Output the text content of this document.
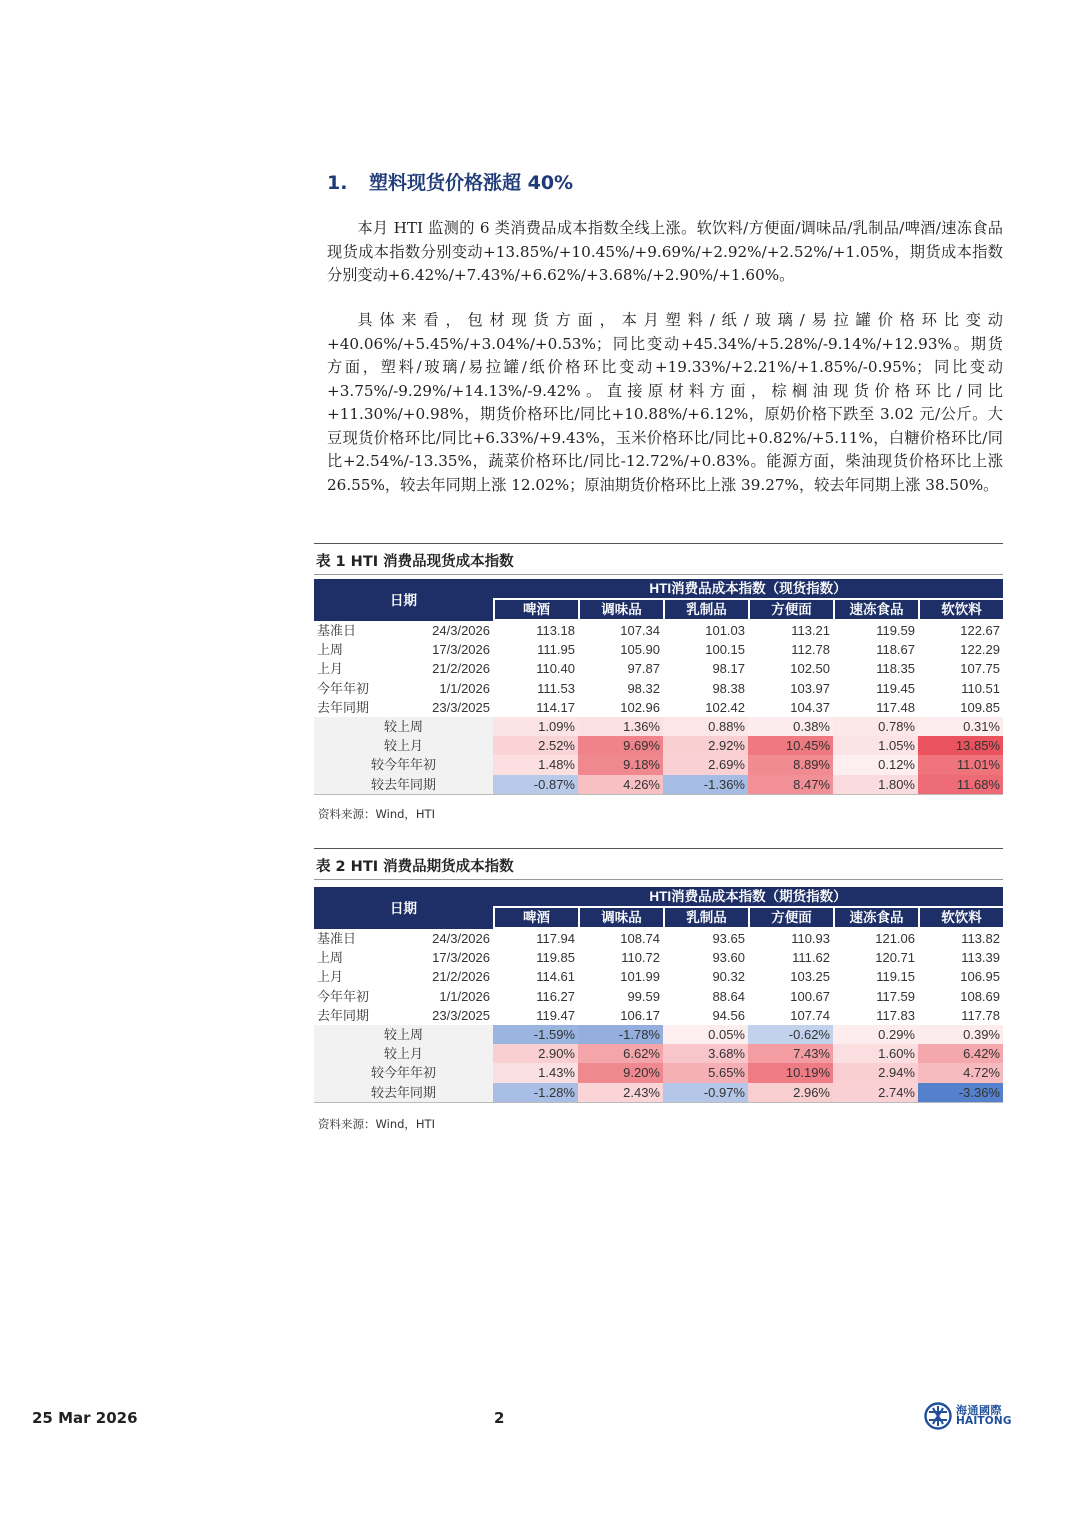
1. 塑料现货价格涨超 40%
本月 HTI 监测的 6 类消费品成本指数全线上涨。软饮料/方便面/调味品/乳制品/啤酒/速冻食品现货成本指数分别变动+13.85%/+10.45%/+9.69%/+2.92%/+2.52%/+1.05%，期货成本指数分别变动+6.42%/+7.43%/+6.62%/+3.68%/+2.90%/+1.60%。
具体来看，包材现货方面，本月塑料/纸/玻璃/易拉罐价格环比变动+40.06%/+5.45%/+3.04%/+0.53%；同比变动+45.34%/+5.28%/-9.14%/+12.93%。期货方面，塑料/玻璃/易拉罐/纸价格环比变动+19.33%/+2.21%/+1.85%/-0.95%；同比变动+3.75%/-9.29%/+14.13%/-9.42%。直接原材料方面，棕榈油现货价格环比/同比+11.30%/+0.98%，期货价格环比/同比+10.88%/+6.12%，原奶价格下跌至 3.02 元/公斤。大豆现货价格环比/同比+6.33%/+9.43%，玉米价格环比/同比+0.82%/+5.11%，白糖价格环比/同比+2.54%/-13.35%，蔬菜价格环比/同比-12.72%/+0.83%。能源方面，柴油现货价格环比上涨 26.55%，较去年同期上涨 12.02%；原油期货价格环比上涨 39.27%，较去年同期上涨 38.50%。
表 1 HTI 消费品现货成本指数
日期		HTI消费品成本指数（现货指数）					
		啤酒	调味品	乳制品	方便面	速冻食品	软饮料
基准日	24/3/2026	113.18	107.34	101.03	113.21	119.59	122.67
上周	17/3/2026	111.95	105.90	100.15	112.78	118.67	122.29
上月	21/2/2026	110.40	97.87	98.17	102.50	118.35	107.75
今年年初	1/1/2026	111.53	98.32	98.38	103.97	119.45	110.51
去年同期	23/3/2025	114.17	102.96	102.42	104.37	117.48	109.85
较上周		1.09%	1.36%	0.88%	0.38%	0.78%	0.31%
较上月		2.52%	9.69%	2.92%	10.45%	1.05%	13.85%
较今年年初		1.48%	9.18%	2.69%	8.89%	0.12%	11.01%
较去年同期		-0.87%	4.26%	-1.36%	8.47%	1.80%	11.68%
资料来源：Wind，HTI
表 2 HTI 消费品期货成本指数
日期		HTI消费品成本指数（期货指数）					
		啤酒	调味品	乳制品	方便面	速冻食品	软饮料
基准日	24/3/2026	117.94	108.74	93.65	110.93	121.06	113.82
上周	17/3/2026	119.85	110.72	93.60	111.62	120.71	113.39
上月	21/2/2026	114.61	101.99	90.32	103.25	119.15	106.95
今年年初	1/1/2026	116.27	99.59	88.64	100.67	117.59	108.69
去年同期	23/3/2025	119.47	106.17	94.56	107.74	117.83	117.78
较上周		-1.59%	-1.78%	0.05%	-0.62%	0.29%	0.39%
较上月		2.90%	6.62%	3.68%	7.43%	1.60%	6.42%
较今年年初		1.43%	9.20%	5.65%	10.19%	2.94%	4.72%
较去年同期		-1.28%	2.43%	-0.97%	2.96%	2.74%	-3.36%
资料来源：Wind，HTI
25 Mar 2026	2	海通國際
HAITONG
